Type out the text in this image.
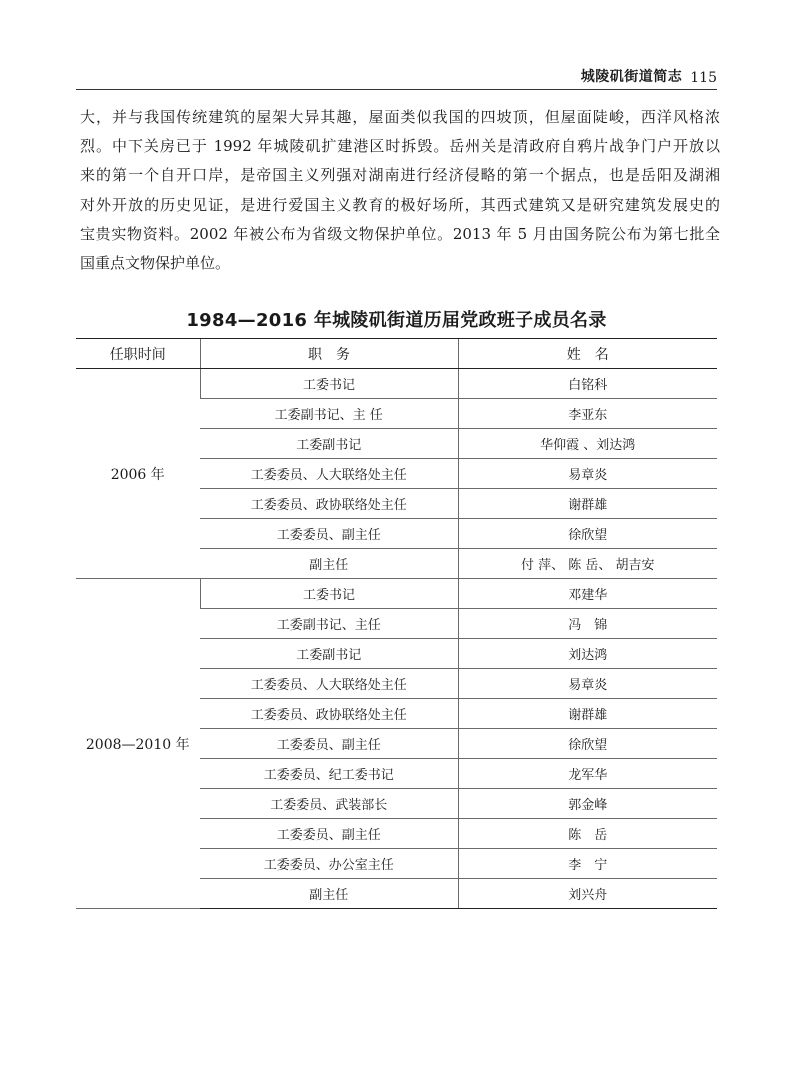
城陵矶街道简志 115

大，并与我国传统建筑的屋架大异其趣，屋面类似我国的四坡顶，但屋面陡峻，西洋风格浓
烈。中下关房已于 1992 年城陵矶扩建港区时拆毁。岳州关是清政府自鸦片战争门户开放以
来的第一个自开口岸，是帝国主义列强对湖南进行经济侵略的第一个据点，也是岳阳及湖湘
对外开放的历史见证，是进行爱国主义教育的极好场所，其西式建筑又是研究建筑发展史的
宝贵实物资料。2002 年被公布为省级文物保护单位。2013 年 5 月由国务院公布为第七批全
国重点文物保护单位。

1984—2016 年城陵矶街道历届党政班子成员名录
任职时间	职　务	姓　名
2006 年	工委书记	白铭科
	工委副书记、主 任	李亚东
	工委副书记	华仰霞 、刘达鸿
	工委委员、人大联络处主任	易章炎
	工委委员、政协联络处主任	谢群雄
	工委委员、副主任	徐欣望
	副主任	付 萍、 陈 岳、 胡吉安
2008—2010 年	工委书记	邓建华
	工委副书记、主任	冯　锦
	工委副书记	刘达鸿
	工委委员、人大联络处主任	易章炎
	工委委员、政协联络处主任	谢群雄
	工委委员、副主任	徐欣望
	工委委员、纪工委书记	龙军华
	工委委员、武装部长	郭金峰
	工委委员、副主任	陈　岳
	工委委员、办公室主任	李　宁
	副主任	刘兴舟
